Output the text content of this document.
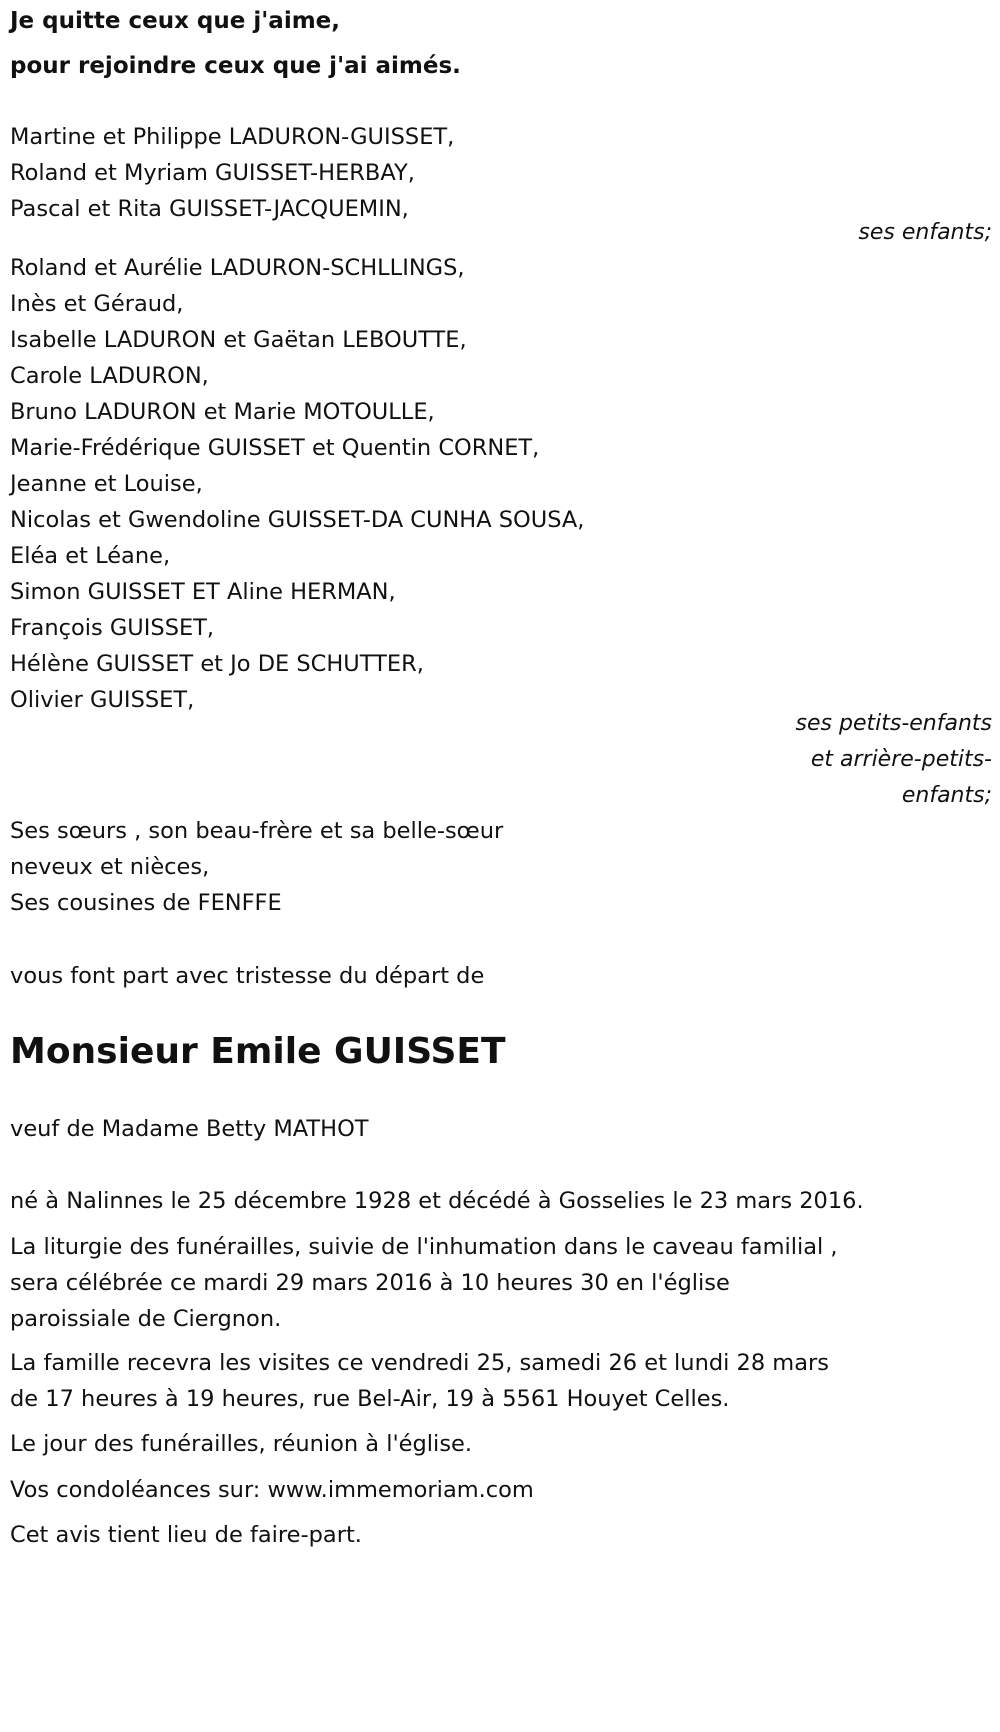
Je quitte ceux que j'aime,
pour rejoindre ceux que j'ai aimés.
Martine et Philippe LADURON-GUISSET,
Roland et Myriam GUISSET-HERBAY,
Pascal et Rita GUISSET-JACQUEMIN,
ses enfants;
Roland et Aurélie LADURON-SCHLLINGS,
Inès et Géraud,
Isabelle LADURON et Gaëtan LEBOUTTE,
Carole LADURON,
Bruno LADURON et Marie MOTOULLE,
Marie-Frédérique GUISSET et Quentin CORNET,
Jeanne et Louise,
Nicolas et Gwendoline GUISSET-DA CUNHA SOUSA,
Eléa et Léane,
Simon GUISSET ET Aline HERMAN,
François GUISSET,
Hélène GUISSET et Jo DE SCHUTTER,
Olivier GUISSET,
ses petits-enfants
et arrière-petits-
enfants;
Ses sœurs , son beau-frère et sa belle-sœur
neveux et nièces,
Ses cousines de FENFFE
vous font part avec tristesse du départ de
Monsieur Emile GUISSET
veuf de Madame Betty MATHOT
né à Nalinnes le 25 décembre 1928 et décédé à Gosselies le 23 mars 2016.
La liturgie des funérailles, suivie de l'inhumation dans le caveau familial ,
sera célébrée ce mardi 29 mars 2016 à 10 heures 30 en l'église
paroissiale de Ciergnon.
La famille recevra les visites ce vendredi 25, samedi 26 et lundi 28 mars
de 17 heures à 19 heures, rue Bel-Air, 19 à 5561 Houyet Celles.
Le jour des funérailles, réunion à l'église.
Vos condoléances sur: www.immemoriam.com
Cet avis tient lieu de faire-part.
